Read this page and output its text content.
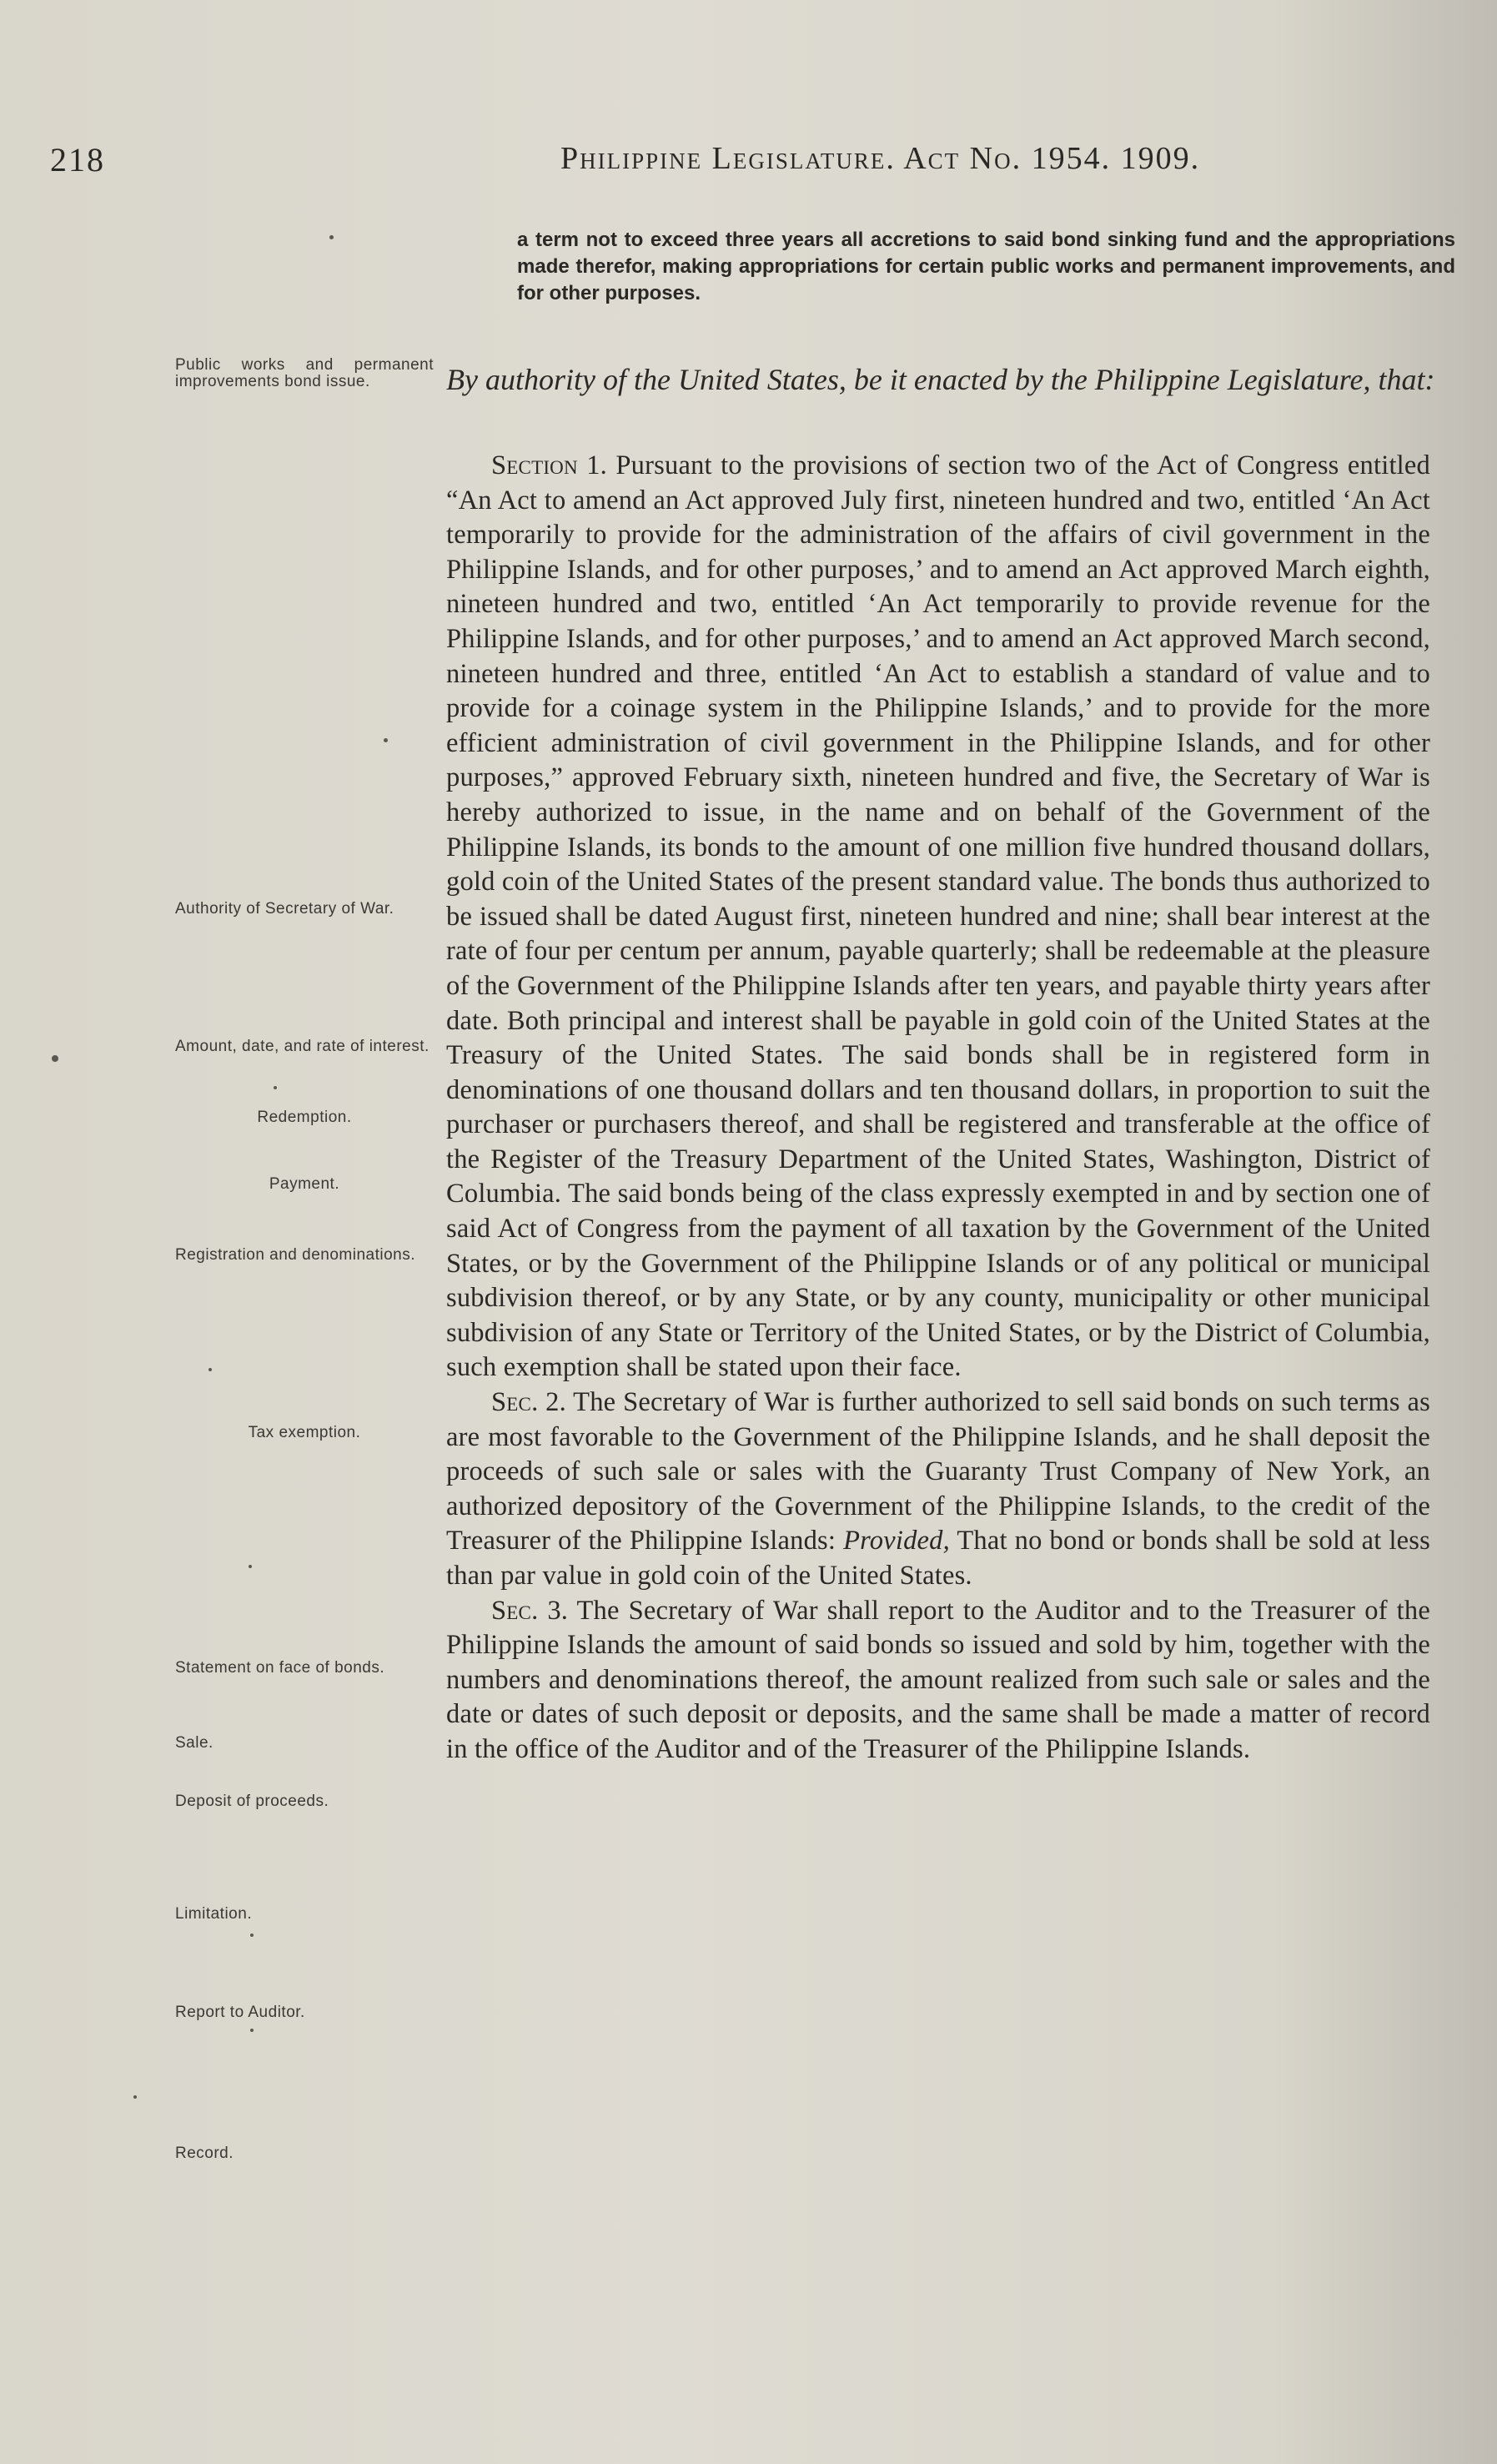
218	Philippine Legislature. Act No. 1954. 1909.
a term not to exceed three years all accretions to said bond sinking fund and the appropriations made therefor, making appropriations for certain public works and permanent improvements, and for other purposes.
By authority of the United States, be it enacted by the Philippine Legislature, that:

Section 1. Pursuant to the provisions of section two of the Act of Congress entitled “An Act to amend an Act approved July first, nineteen hundred and two, entitled ‘An Act temporarily to provide for the administration of the affairs of civil government in the Philippine Islands, and for other purposes,’ and to amend an Act approved March eighth, nineteen hundred and two, entitled ‘An Act temporarily to provide revenue for the Philippine Islands, and for other purposes,’ and to amend an Act approved March second, nineteen hundred and three, entitled ‘An Act to establish a standard of value and to provide for a coinage system in the Philippine Islands,’ and to provide for the more efficient administration of civil government in the Philippine Islands, and for other purposes,” approved February sixth, nineteen hundred and five, the Secretary of War is hereby authorized to issue, in the name and on behalf of the Government of the Philippine Islands, its bonds to the amount of one million five hundred thousand dollars, gold coin of the United States of the present standard value. The bonds thus authorized to be issued shall be dated August first, nineteen hundred and nine; shall bear interest at the rate of four per centum per annum, payable quarterly; shall be redeemable at the pleasure of the Government of the Philippine Islands after ten years, and payable thirty years after date. Both principal and interest shall be payable in gold coin of the United States at the Treasury of the United States. The said bonds shall be in registered form in denominations of one thousand dollars and ten thousand dollars, in proportion to suit the purchaser or purchasers thereof, and shall be registered and transferable at the office of the Register of the Treasury Department of the United States, Washington, District of Columbia. The said bonds being of the class expressly exempted in and by section one of said Act of Congress from the payment of all taxation by the Government of the United States, or by the Government of the Philippine Islands or of any political or municipal subdivision thereof, or by any State, or by any county, municipality or other municipal subdivision of any State or Territory of the United States, or by the District of Columbia, such exemption shall be stated upon their face.

Sec. 2. The Secretary of War is further authorized to sell said bonds on such terms as are most favorable to the Government of the Philippine Islands, and he shall deposit the proceeds of such sale or sales with the Guaranty Trust Company of New York, an authorized depository of the Government of the Philippine Islands, to the credit of the Treasurer of the Philippine Islands: Provided, That no bond or bonds shall be sold at less than par value in gold coin of the United States.

Sec. 3. The Secretary of War shall report to the Auditor and to the Treasurer of the Philippine Islands the amount of said bonds so issued and sold by him, together with the numbers and denominations thereof, the amount realized from such sale or sales and the date or dates of such deposit or deposits, and the same shall be made a matter of record in the office of the Auditor and of the Treasurer of the Philippine Islands.

Public works and permanent improvements bond issue.
Authority of Secretary of War.
Amount, date, and rate of interest.
Redemption.
Payment.
Registration and denominations.
Tax exemption.
Statement on face of bonds.
Sale.
Deposit of proceeds.
Limitation.
Report to Auditor.
Record.
